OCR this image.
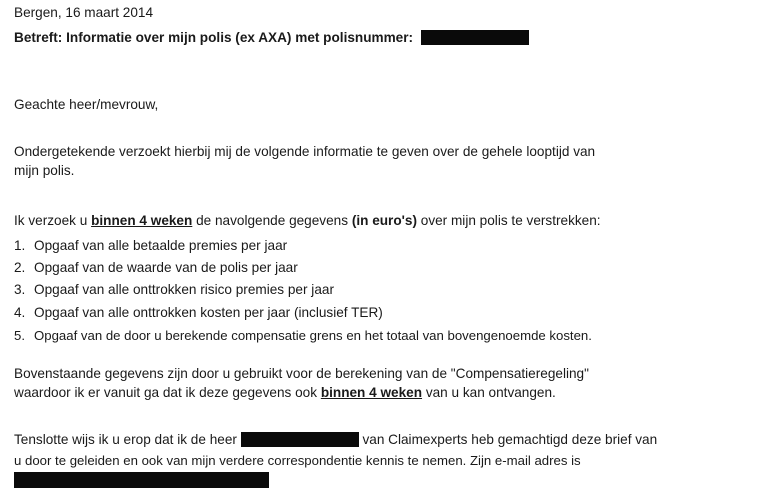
Bergen, 16 maart 2014
Betreft: Informatie over mijn polis (ex AXA) met polisnummer:
Geachte heer/mevrouw,
Ondergetekende verzoekt hierbij mij de volgende informatie te geven over de gehele looptijd van
mijn polis.
Ik verzoek u binnen 4 weken de navolgende gegevens (in euro's) over mijn polis te verstrekken:
1. Opgaaf van alle betaalde premies per jaar
2. Opgaaf van de waarde van de polis per jaar
3. Opgaaf van alle onttrokken risico premies per jaar
4. Opgaaf van alle onttrokken kosten per jaar (inclusief TER)
5. Opgaaf van de door u berekende compensatie grens en het totaal van bovengenoemde kosten.
Bovenstaande gegevens zijn door u gebruikt voor de berekening van de "Compensatieregeling"
waardoor ik er vanuit ga dat ik deze gegevens ook binnen 4 weken van u kan ontvangen.
Tenslotte wijs ik u erop dat ik de heer	van Claimexperts heb gemachtigd deze brief van
u door te geleiden en ook van mijn verdere correspondentie kennis te nemen. Zijn e-mail adres is
